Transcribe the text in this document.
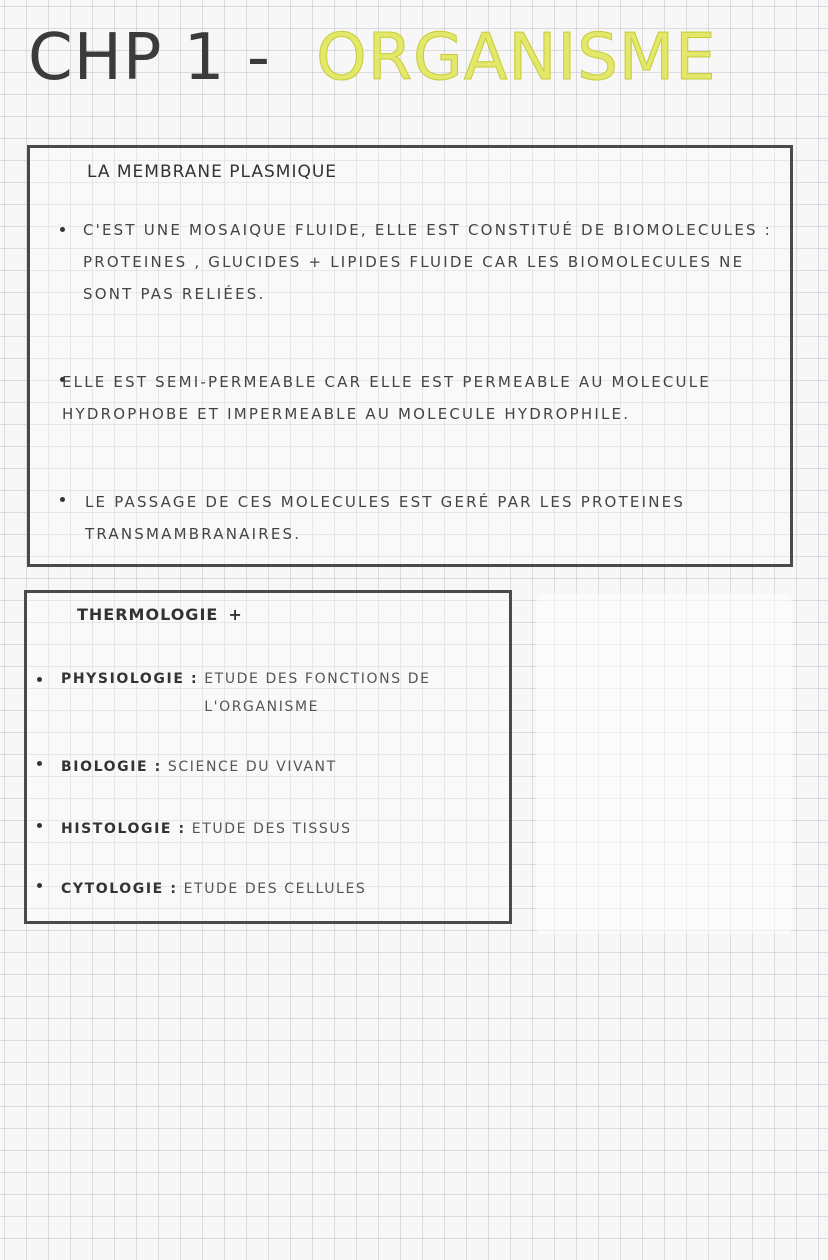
CHP 1 - ORGANISME
LA MEMBRANE PLASMIQUE
C'EST UNE MOSAIQUE FLUIDE, ELLE EST CONSTITUÉ DE BIOMOLECULES : PROTEINES , GLUCIDES + LIPIDES FLUIDE CAR LES BIOMOLECULES NE SONT PAS RELIÉES.
ELLE EST SEMI-PERMEABLE CAR ELLE EST PERMEABLE AU MOLECULE HYDROPHOBE ET IMPERMEABLE AU MOLECULE HYDROPHILE.
LE PASSAGE DE CES MOLECULES EST GERÉ PAR LES PROTEINES TRANSMAMBRANAIRES.
THERMOLOGIE +
PHYSIOLOGIE : ETUDE DES FONCTIONS DE L'ORGANISME
BIOLOGIE : SCIENCE DU VIVANT
HISTOLOGIE : ETUDE DES TISSUS
CYTOLOGIE : ETUDE DES CELLULES
